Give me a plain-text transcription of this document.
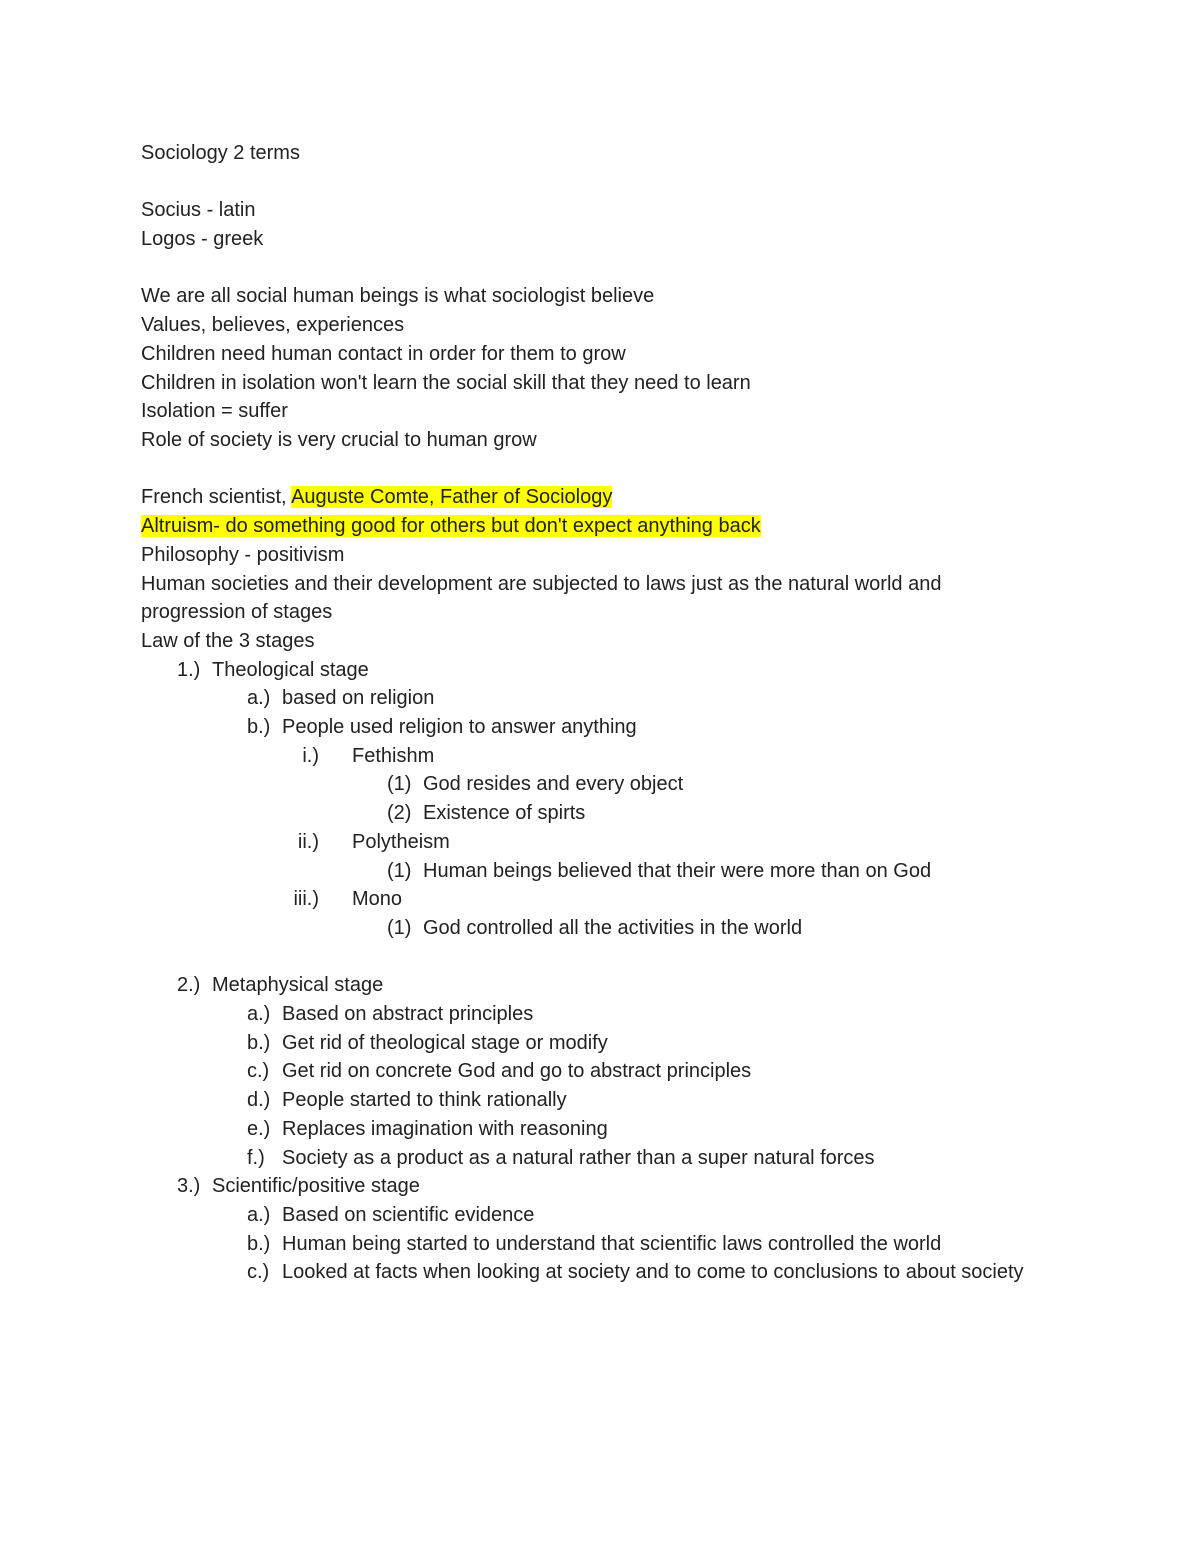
Sociology 2 terms
Socius - latin
Logos - greek
We are all social human beings is what sociologist believe
Values, believes, experiences
Children need human contact in order for them to grow
Children in isolation won't learn the social skill that they need to learn
Isolation = suffer
Role of society is very crucial to human grow
French scientist, Auguste Comte, Father of Sociology
Altruism- do something good for others but don't expect anything back
Philosophy - positivism
Human societies and their development are subjected to laws just as the natural world and progression of stages
Law of the 3 stages
1.) Theological stage
a.) based on religion
b.) People used religion to answer anything
i.) Fethishm
(1) God resides and every object
(2) Existence of spirts
ii.) Polytheism
(1) Human beings believed that their were more than on God
iii.) Mono
(1) God controlled all the activities in the world
2.) Metaphysical stage
a.) Based on abstract principles
b.) Get rid of theological stage or modify
c.) Get rid on concrete God and go to abstract principles
d.) People started to think rationally
e.) Replaces imagination with reasoning
f.) Society as a product as a natural rather than a super natural forces
3.) Scientific/positive stage
a.) Based on scientific evidence
b.) Human being started to understand that scientific laws controlled the world
c.) Looked at facts when looking at society and to come to conclusions to about society
